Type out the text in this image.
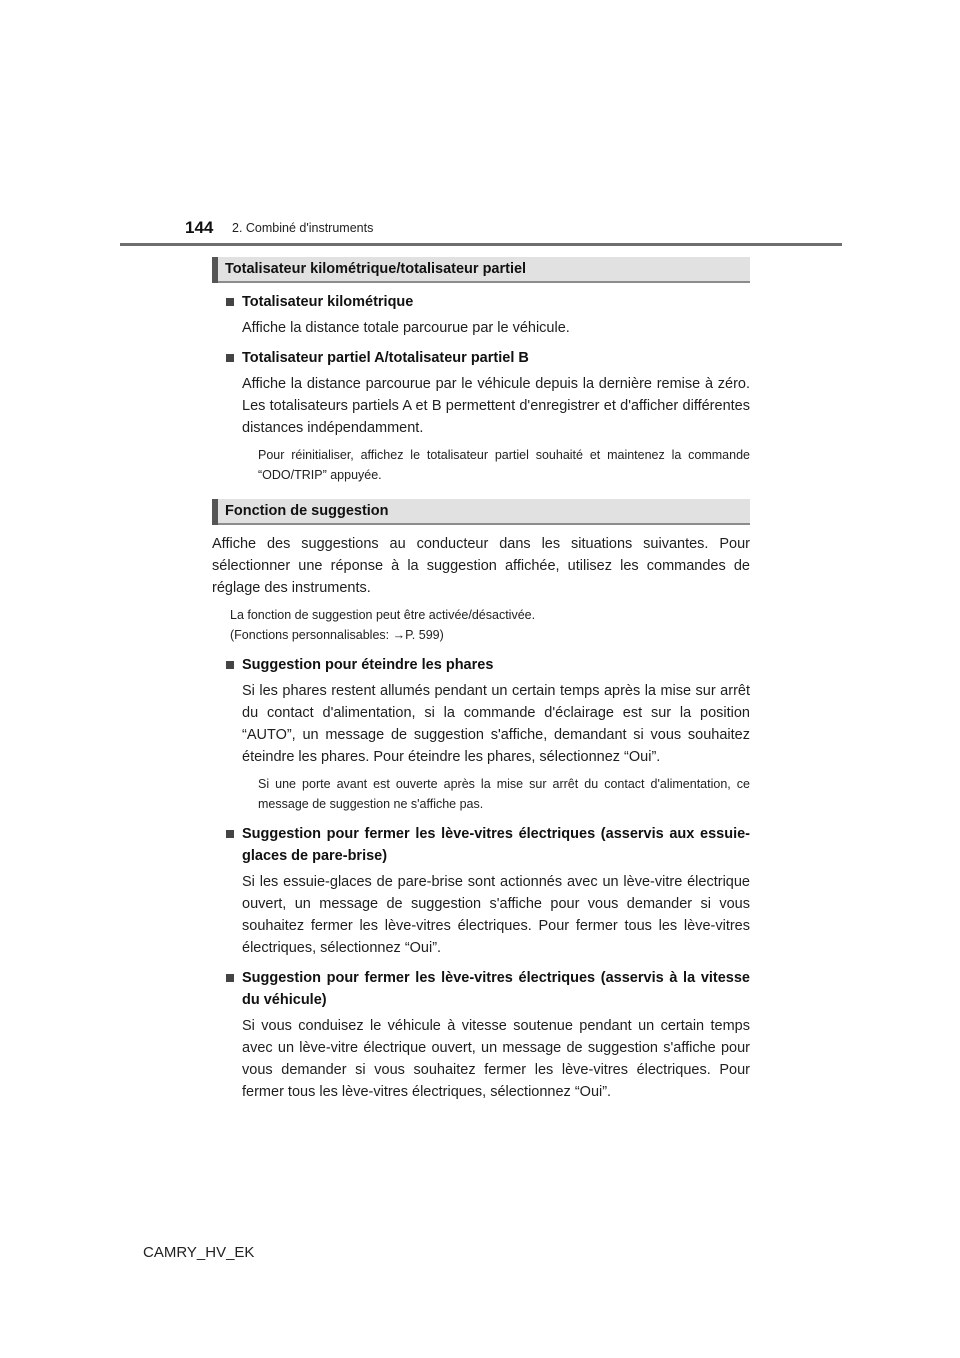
144 2. Combiné d'instruments
Totalisateur kilométrique/totalisateur partiel
Totalisateur kilométrique
Affiche la distance totale parcourue par le véhicule.
Totalisateur partiel A/totalisateur partiel B
Affiche la distance parcourue par le véhicule depuis la dernière remise à zéro. Les totalisateurs partiels A et B permettent d'enregistrer et d'afficher différentes distances indépendamment.
Pour réinitialiser, affichez le totalisateur partiel souhaité et maintenez la commande “ODO/TRIP” appuyée.
Fonction de suggestion
Affiche des suggestions au conducteur dans les situations suivantes. Pour sélectionner une réponse à la suggestion affichée, utilisez les commandes de réglage des instruments.
La fonction de suggestion peut être activée/désactivée.
(Fonctions personnalisables: →P. 599)
Suggestion pour éteindre les phares
Si les phares restent allumés pendant un certain temps après la mise sur arrêt du contact d'alimentation, si la commande d'éclairage est sur la position “AUTO”, un message de suggestion s'affiche, demandant si vous souhaitez éteindre les phares. Pour éteindre les phares, sélectionnez “Oui”.
Si une porte avant est ouverte après la mise sur arrêt du contact d'alimentation, ce message de suggestion ne s'affiche pas.
Suggestion pour fermer les lève-vitres électriques (asservis aux essuie-glaces de pare-brise)
Si les essuie-glaces de pare-brise sont actionnés avec un lève-vitre électrique ouvert, un message de suggestion s'affiche pour vous demander si vous souhaitez fermer les lève-vitres électriques. Pour fermer tous les lève-vitres électriques, sélectionnez “Oui”.
Suggestion pour fermer les lève-vitres électriques (asservis à la vitesse du véhicule)
Si vous conduisez le véhicule à vitesse soutenue pendant un certain temps avec un lève-vitre électrique ouvert, un message de suggestion s'affiche pour vous demander si vous souhaitez fermer les lève-vitres électriques. Pour fermer tous les lève-vitres électriques, sélectionnez “Oui”.
CAMRY_HV_EK
